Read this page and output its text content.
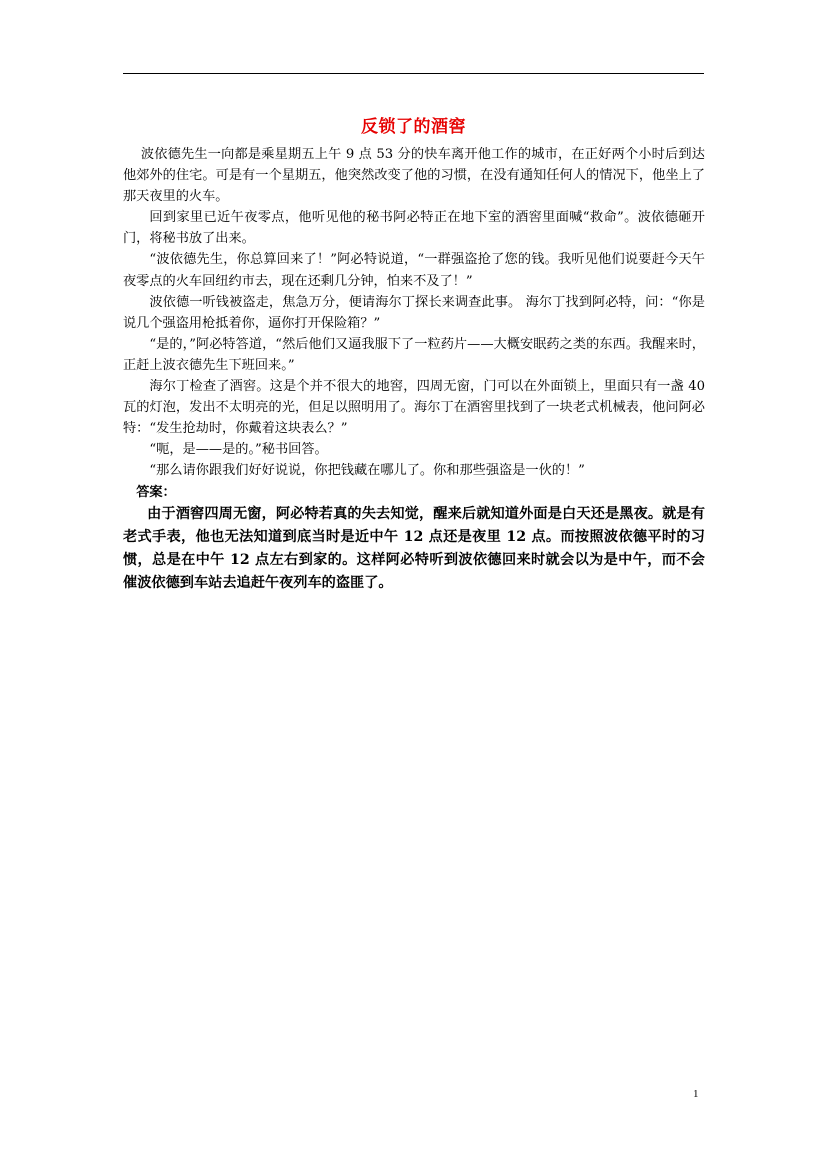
反锁了的酒窖

波依德先生一向都是乘星期五上午 9 点 53 分的快车离开他工作的城市，在正好两个小时后到达他郊外的住宅。可是有一个星期五，他突然改变了他的习惯，在没有通知任何人的情况下，他坐上了那天夜里的火车。

回到家里已近午夜零点，他听见他的秘书阿必特正在地下室的酒窖里面喊“救命”。波依德砸开门，将秘书放了出来。

“波依德先生，你总算回来了！”阿必特说道，“一群强盗抢了您的钱。我听见他们说要赶今天午夜零点的火车回纽约市去，现在还剩几分钟，怕来不及了！”

波依德一听钱被盗走，焦急万分，便请海尔丁探长来调查此事。 海尔丁找到阿必特，问：“你是说几个强盗用枪抵着你，逼你打开保险箱？”

“是的，”阿必特答道，“然后他们又逼我服下了一粒药片——大概安眠药之类的东西。我醒来时，正赶上波衣德先生下班回来。”

海尔丁检查了酒窖。这是个并不很大的地窖，四周无窗，门可以在外面锁上，里面只有一盏 40 瓦的灯泡，发出不太明亮的光，但足以照明用了。海尔丁在酒窖里找到了一块老式机械表，他问阿必特：“发生抢劫时，你戴着这块表么？”

“呃，是——是的。”秘书回答。

“那么请你跟我们好好说说，你把钱藏在哪儿了。你和那些强盗是一伙的！”

答案：

由于酒窖四周无窗，阿必特若真的失去知觉，醒来后就知道外面是白天还是黑夜。就是有老式手表，他也无法知道到底当时是近中午 12 点还是夜里 12 点。而按照波依德平时的习惯，总是在中午 12 点左右到家的。这样阿必特听到波依德回来时就会以为是中午，而不会催波依德到车站去追赶午夜列车的盗匪了。

1
